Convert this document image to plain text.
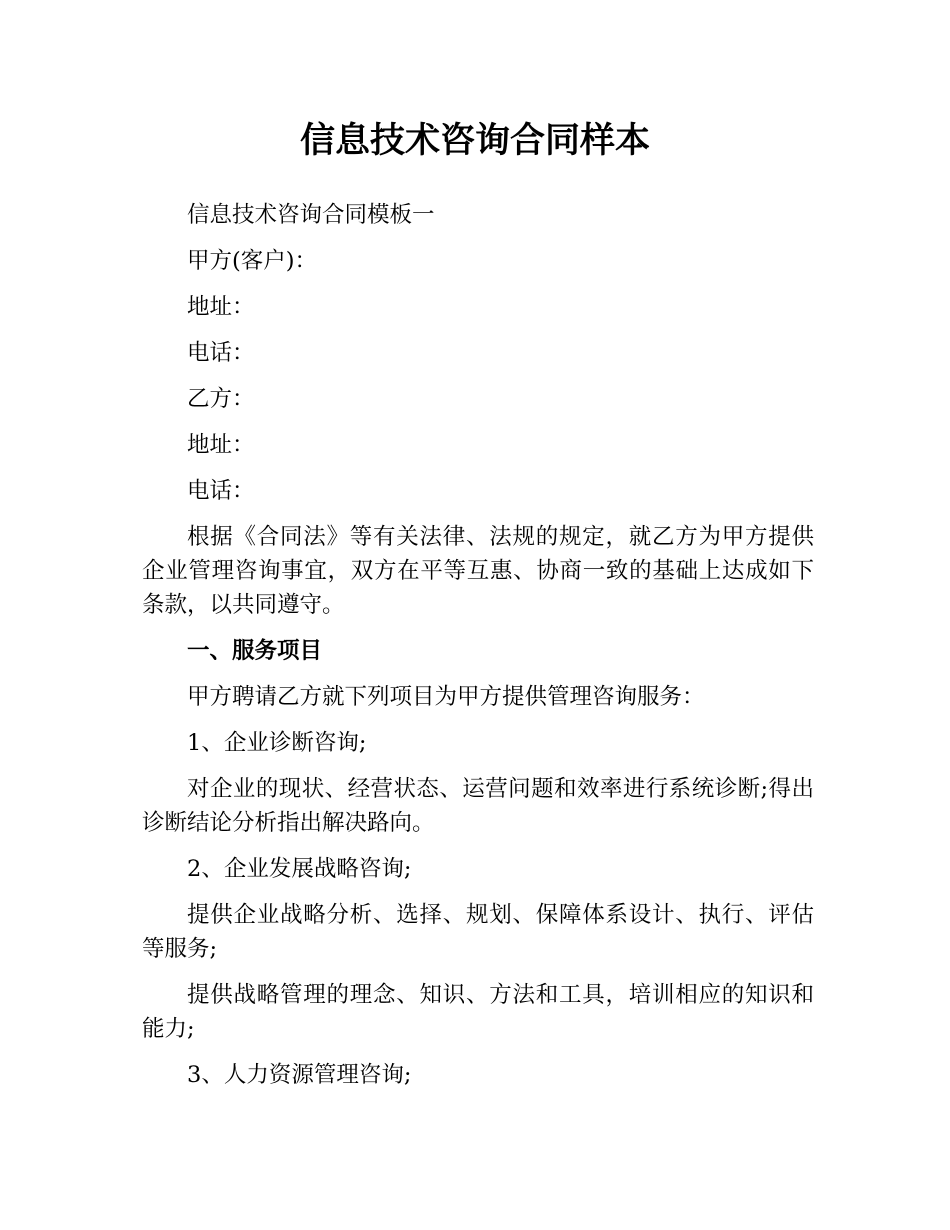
信息技术咨询合同样本

信息技术咨询合同模板一

甲方(客户)：

地址：

电话：

乙方：

地址：

电话：

根据《合同法》等有关法律、法规的规定，就乙方为甲方提供企业管理咨询事宜，双方在平等互惠、协商一致的基础上达成如下条款，以共同遵守。

一、服务项目

甲方聘请乙方就下列项目为甲方提供管理咨询服务：

1、企业诊断咨询;

对企业的现状、经营状态、运营问题和效率进行系统诊断;得出诊断结论分析指出解决路向。

2、企业发展战略咨询;

提供企业战略分析、选择、规划、保障体系设计、执行、评估等服务;

提供战略管理的理念、知识、方法和工具，培训相应的知识和能力;

3、人力资源管理咨询;
